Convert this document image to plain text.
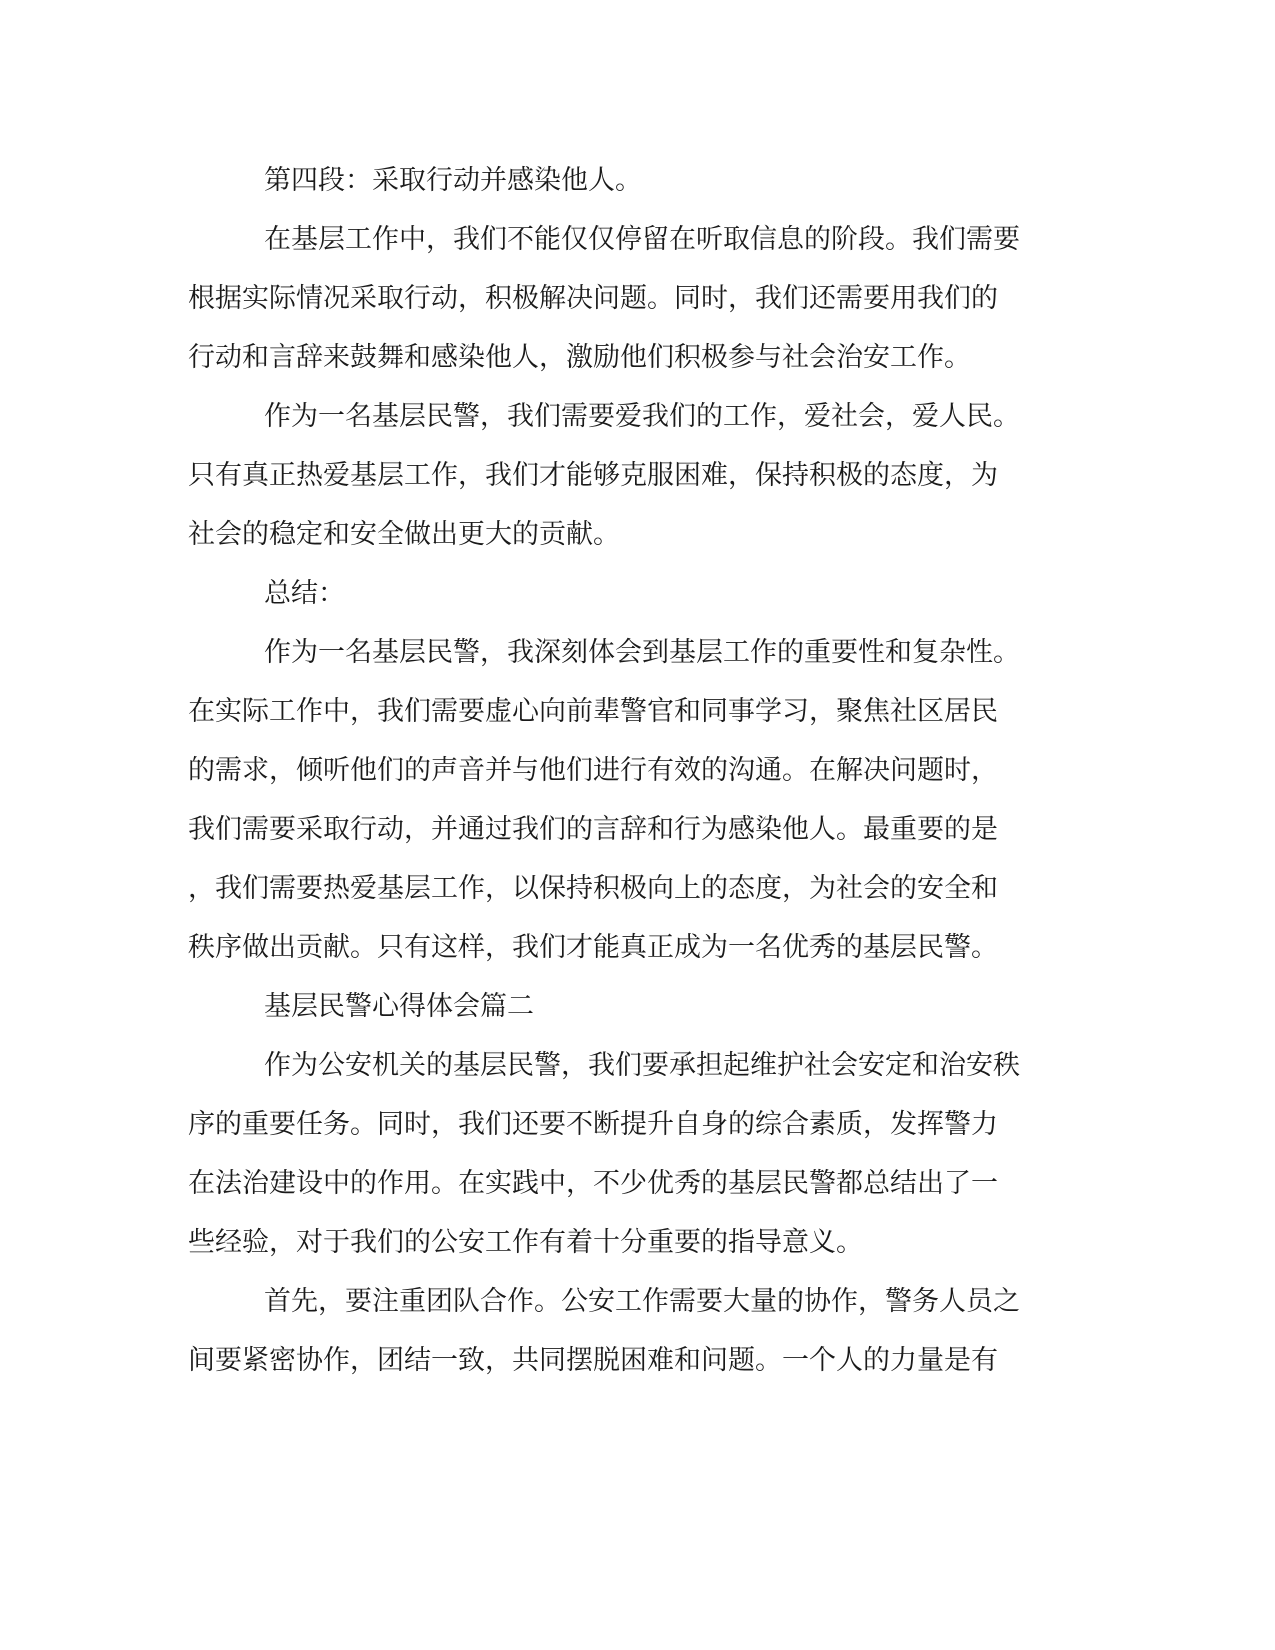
第四段：采取行动并感染他人。
在基层工作中，我们不能仅仅停留在听取信息的阶段。我们需要
根据实际情况采取行动，积极解决问题。同时，我们还需要用我们的
行动和言辞来鼓舞和感染他人，激励他们积极参与社会治安工作。
作为一名基层民警，我们需要爱我们的工作，爱社会，爱人民。
只有真正热爱基层工作，我们才能够克服困难，保持积极的态度，为
社会的稳定和安全做出更大的贡献。
总结：
作为一名基层民警，我深刻体会到基层工作的重要性和复杂性。
在实际工作中，我们需要虚心向前辈警官和同事学习，聚焦社区居民
的需求，倾听他们的声音并与他们进行有效的沟通。在解决问题时，
我们需要采取行动，并通过我们的言辞和行为感染他人。最重要的是
，我们需要热爱基层工作，以保持积极向上的态度，为社会的安全和
秩序做出贡献。只有这样，我们才能真正成为一名优秀的基层民警。
基层民警心得体会篇二
作为公安机关的基层民警，我们要承担起维护社会安定和治安秩
序的重要任务。同时，我们还要不断提升自身的综合素质，发挥警力
在法治建设中的作用。在实践中，不少优秀的基层民警都总结出了一
些经验，对于我们的公安工作有着十分重要的指导意义。
首先，要注重团队合作。公安工作需要大量的协作，警务人员之
间要紧密协作，团结一致，共同摆脱困难和问题。一个人的力量是有
